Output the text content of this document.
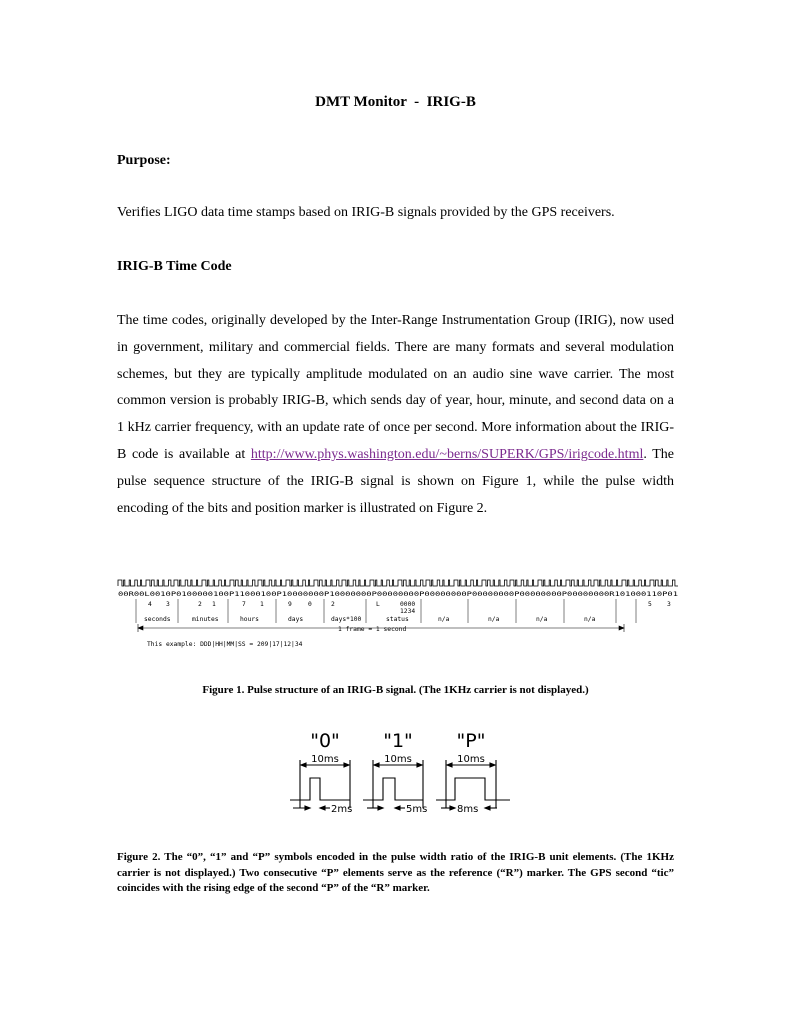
DMT Monitor  -  IRIG-B
Purpose:
Verifies LIGO data time stamps based on IRIG-B signals provided by the GPS receivers.
IRIG-B Time Code
The time codes, originally developed by the Inter-Range Instrumentation Group (IRIG), now used in government, military and commercial fields. There are many formats and several modulation schemes, but they are typically amplitude modulated on an audio sine wave carrier. The most common version is probably IRIG-B, which sends day of year, hour, minute, and second data on a 1 kHz carrier frequency, with an update rate of once per second. More information about the IRIG-B code is available at http://www.phys.washington.edu/~berns/SUPERK/GPS/irigcode.html. The pulse sequence structure of the IRIG-B signal is shown on Figure 1, while the pulse width encoding of the bits and position marker is illustrated on Figure 2.
00R00L0010P0100000100P11000100P10000000P10000000P00000000P00000000P00000000P00000000P00000000R101000110P01
4 3	2 1	7 1	9	0	2	L	0000
1234
5 3
seconds	minutes	hours	days	days*100	status	n/a	n/a	n/a	n/a
1 frame = 1 second
This example: DDD|HH|MM|SS = 209|17|12|34
Figure 1. Pulse structure of an IRIG-B signal. (The 1KHz carrier is not displayed.)
"0" "1" "P"
10ms	10ms	10ms
2ms	5ms	8ms
Figure 2. The “0”, “1” and “P” symbols encoded in the pulse width ratio of the IRIG-B unit elements. (The 1KHz carrier is not displayed.) Two consecutive “P” elements serve as the reference (“R”) marker. The GPS second “tic” coincides with the rising edge of the second “P” of the “R” marker.
